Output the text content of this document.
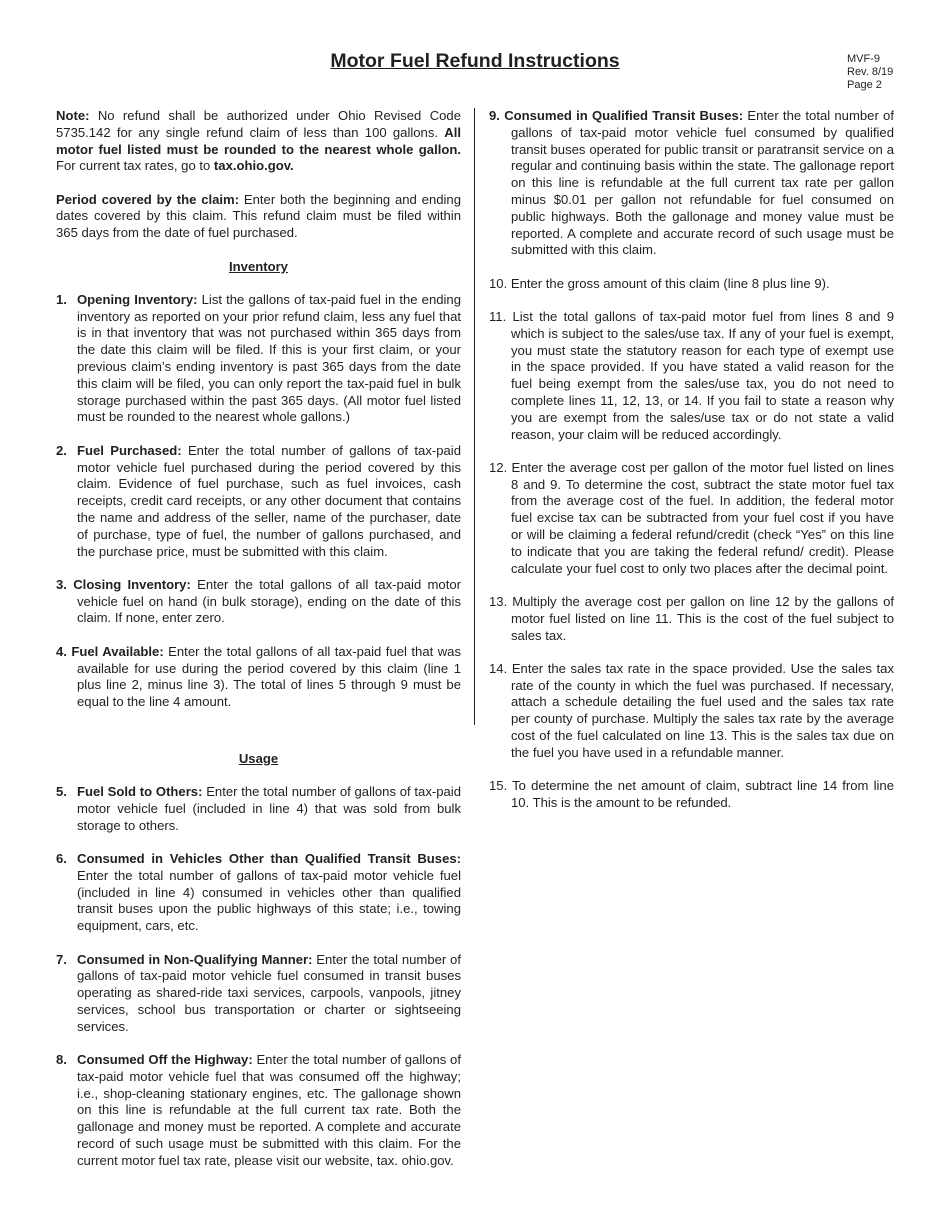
Motor Fuel Refund Instructions	MVF-9
Rev. 8/19
Page 2

Note: No refund shall be authorized under Ohio Revised Code 5735.142 for any single refund claim of less than 100 gallons. All motor fuel listed must be rounded to the nearest whole gallon. For current tax rates, go to tax.ohio.gov.

Period covered by the claim: Enter both the beginning and ending dates covered by this claim. This refund claim must be filed within 365 days from the date of fuel purchased.

Inventory
1. Opening Inventory: List the gallons of tax-paid fuel in the ending inventory as reported on your prior refund claim, less any fuel that is in that inventory that was not purchased within 365 days from the date this claim will be filed. If this is your first claim, or your previous claim’s ending inventory is past 365 days from the date this claim will be filed, you can only report the tax-paid fuel in bulk storage purchased within the past 365 days. (All motor fuel listed must be rounded to the nearest whole gallons.)
2. Fuel Purchased: Enter the total number of gallons of tax-paid motor vehicle fuel purchased during the period covered by this claim. Evidence of fuel purchase, such as fuel invoices, cash receipts, credit card receipts, or any other document that contains the name and address of the seller, name of the purchaser, date of purchase, type of fuel, the number of gallons purchased, and the purchase price, must be submitted with this claim.

3. Closing Inventory: Enter the total gallons of all tax-paid motor vehicle fuel on hand (in bulk storage), ending on the date of this claim. If none, enter zero.

4. Fuel Available: Enter the total gallons of all tax-paid fuel that was available for use during the period covered by this claim (line 1 plus line 2, minus line 3). The total of lines 5 through 9 must be equal to the line 4 amount.

Usage
5. Fuel Sold to Others: Enter the total number of gallons of tax-paid motor vehicle fuel (included in line 4) that was sold from bulk storage to others.
6. Consumed in Vehicles Other than Qualified Transit Buses: Enter the total number of gallons of tax-paid motor vehicle fuel (included in line 4) consumed in vehicles other than qualified transit buses upon the public highways of this state; i.e., towing equipment, cars, etc.
7. Consumed in Non-Qualifying Manner: Enter the total number of gallons of tax-paid motor vehicle fuel consumed in transit buses operating as shared-ride taxi services, carpools, vanpools, jitney services, school bus transportation or charter or sightseeing services.
8. Consumed Off the Highway: Enter the total number of gallons of tax-paid motor vehicle fuel that was consumed off the highway; i.e., shop-cleaning stationary engines, etc. The gallonage shown on this line is refundable at the full current tax rate. Both the gallonage and money must be reported. A complete and accurate record of such usage must be submitted with this claim. For the current motor fuel tax rate, please visit our website, tax. ohio.gov.

9. Consumed in Qualified Transit Buses: Enter the total number of gallons of tax-paid motor vehicle fuel consumed by qualified transit buses operated for public transit or paratransit service on a regular and continuing basis within the state. The gallonage report on this line is refundable at the full current tax rate per gallon minus $0.01 per gallon not refundable for fuel consumed on public highways. Both the gallonage and money value must be reported. A complete and accurate record of such usage must be submitted with this claim.

10. Enter the gross amount of this claim (line 8 plus line 9).

11. List the total gallons of tax-paid motor fuel from lines 8 and 9 which is subject to the sales/use tax. If any of your fuel is exempt, you must state the statutory reason for each type of exempt use in the space provided. If you have stated a valid reason for the fuel being exempt from the sales/use tax, you do not need to complete lines 11, 12, 13, or 14. If you fail to state a reason why you are exempt from the sales/use tax or do not state a valid reason, your claim will be reduced accordingly.

12. Enter the average cost per gallon of the motor fuel listed on lines 8 and 9. To determine the cost, subtract the state motor fuel tax from the average cost of the fuel. In addition, the federal motor fuel excise tax can be subtracted from your fuel cost if you have or will be claiming a federal refund/credit (check “Yes” on this line to indicate that you are taking the federal refund/ credit). Please calculate your fuel cost to only two places after the decimal point.

13. Multiply the average cost per gallon on line 12 by the gallons of motor fuel listed on line 11. This is the cost of the fuel subject to sales tax.

14. Enter the sales tax rate in the space provided. Use the sales tax rate of the county in which the fuel was purchased. If necessary, attach a schedule detailing the fuel used and the sales tax rate per county of purchase. Multiply the sales tax rate by the average cost of the fuel calculated on line 13. This is the sales tax due on the fuel you have used in a refundable manner.

15. To determine the net amount of claim, subtract line 14 from line 10. This is the amount to be refunded.
